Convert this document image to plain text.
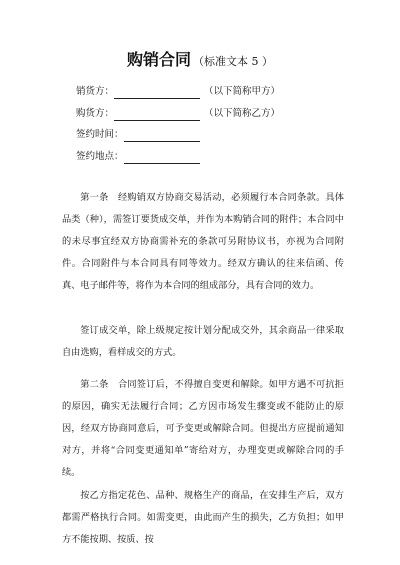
购销合同 （标准文本 5 ）
销货方：	（以下简称甲方）
购货方：	（以下简称乙方）
签约时间：
签约地点：
第一条　经购销双方协商交易活动，必须履行本合同条款。具体品类（种），需签订要货成交单，并作为本购销合同的附件；本合同中的未尽事宜经双方协商需补充的条款可另附协议书，亦视为合同附件。合同附件与本合同具有同等效力。经双方确认的往来信函、传真、电子邮件等，将作为本合同的组成部分，具有合同的效力。
签订成交单，除上级规定按计划分配成交外，其余商品一律采取自由选购，看样成交的方式。
第二条　合同签订后，不得擅自变更和解除。如甲方遇不可抗拒的原因，确实无法履行合同；乙方因市场发生骤变或不能防止的原因，经双方协商同意后，可予变更或解除合同。但提出方应提前通知对方，并将“合同变更通知单”寄给对方，办理变更或解除合同的手续。
按乙方指定花色、品种、规格生产的商品，在安排生产后，双方都需严格执行合同。如需变更，由此而产生的损失，乙方负担；如甲方不能按期、按质、按
